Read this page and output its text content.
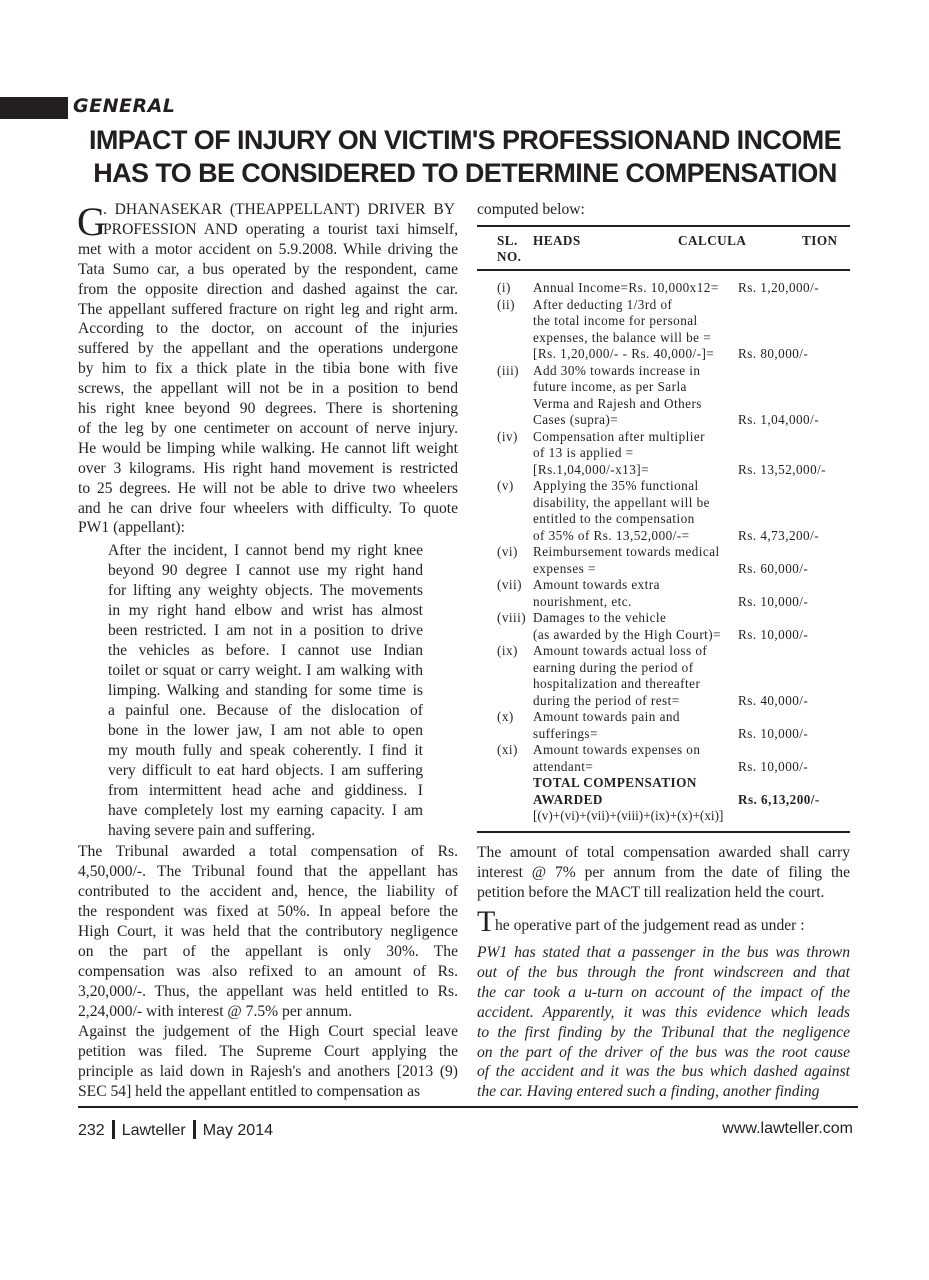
GENERAL
IMPACT OF INJURY ON VICTIM'S PROFESSIONAND INCOME
HAS TO BE CONSIDERED TO DETERMINE COMPENSATION
G
. DHANASEKAR (THEAPPELLANT) DRIVER BY
PROFESSION AND operating a tourist taxi himself,
met with a motor accident on 5.9.2008. While driving the
Tata Sumo car, a bus operated by the respondent, came
from the opposite direction and dashed against the car.
The appellant suffered fracture on right leg and right arm.
According to the doctor, on account of the injuries
suffered by the appellant and the operations undergone
by him to fix a thick plate in the tibia bone with five
screws, the appellant will not be in a position to bend
his right knee beyond 90 degrees. There is shortening
of the leg by one centimeter on account of nerve injury.
He would be limping while walking. He cannot lift weight
over 3 kilograms. His right hand movement is restricted
to 25 degrees. He will not be able to drive two wheelers
and he can drive four wheelers with difficulty. To quote
PW1 (appellant):
After the incident, I cannot bend my right knee
beyond 90 degree I cannot use my right hand
for lifting any weighty objects. The movements
in my right hand elbow and wrist has almost
been restricted. I am not in a position to drive
the vehicles as before. I cannot use Indian
toilet or squat or carry weight. I am walking with
limping. Walking and standing for some time is
a painful one. Because of the dislocation of
bone in the lower jaw, I am not able to open
my mouth fully and speak coherently. I find it
very difficult to eat hard objects. I am suffering
from intermittent head ache and giddiness. I
have completely lost my earning capacity. I am
having severe pain and suffering.
The Tribunal awarded a total compensation of Rs.
4,50,000/-. The Tribunal found that the appellant has
contributed to the accident and, hence, the liability of
the respondent was fixed at 50%. In appeal before the
High Court, it was held that the contributory negligence
on the part of the appellant is only 30%. The
compensation was also refixed to an amount of Rs.
3,20,000/-. Thus, the appellant was held entitled to Rs.
2,24,000/- with interest @ 7.5% per annum.
Against the judgement of the High Court special leave
petition was filed. The Supreme Court applying the
principle as laid down in Rajesh's and anothers [2013 (9)
SEC 54] held the appellant entitled to compensation as
The amount of total compensation awarded shall carry
interest @ 7% per annum from the date of filing the
petition before the MACT till realization held the court.
PW1 has stated that a passenger in the bus was thrown
out of the bus through the front windscreen and that
the car took a u-turn on account of the impact of the
accident. Apparently, it was this evidence which leads
to the first finding by the Tribunal that the negligence
on the part of the driver of the bus was the root cause
of the accident and it was the bus which dashed against
the car. Having entered such a finding, another finding
computed below:
SL.
NO.
HEADS	CALCULA	TION
(i) Annual Income=Rs. 10,000x12= Rs. 1,20,000/-
(ii) After deducting 1/3rd of
the total income for personal
expenses, the balance will be =
[Rs. 1,20,000/- - Rs. 40,000/-]= Rs. 80,000/-
(iii) Add 30% towards increase in
future income, as per Sarla
Verma and Rajesh and Others
Cases (supra)=	Rs. 1,04,000/-
(iv) Compensation after multiplier
of 13 is applied =
[Rs.1,04,000/-x13]=	Rs. 13,52,000/-
(v) Applying the 35% functional
disability, the appellant will be
entitled to the compensation
of 35% of Rs. 13,52,000/-=	Rs. 4,73,200/-
(vi) Reimbursement towards medical
expenses =	Rs. 60,000/-
(vii) Amount towards extra
nourishment, etc.	Rs. 10,000/-
(viii) Damages to the vehicle
(as awarded by the High Court)= Rs. 10,000/-
(ix) Amount towards actual loss of
earning during the period of
hospitalization and thereafter
during the period of rest=	Rs. 40,000/-
(x) Amount towards pain and
sufferings=	Rs. 10,000/-
(xi) Amount towards expenses on
attendant=	Rs. 10,000/-
TOTAL COMPENSATION
AWARDED	Rs. 6,13,200/-
[(v)+(vi)+(vii)+(viii)+(ix)+(x)+(xi)]
T he operative part of the judgement read as under :
232 Lawteller May 2014	www.lawteller.com
